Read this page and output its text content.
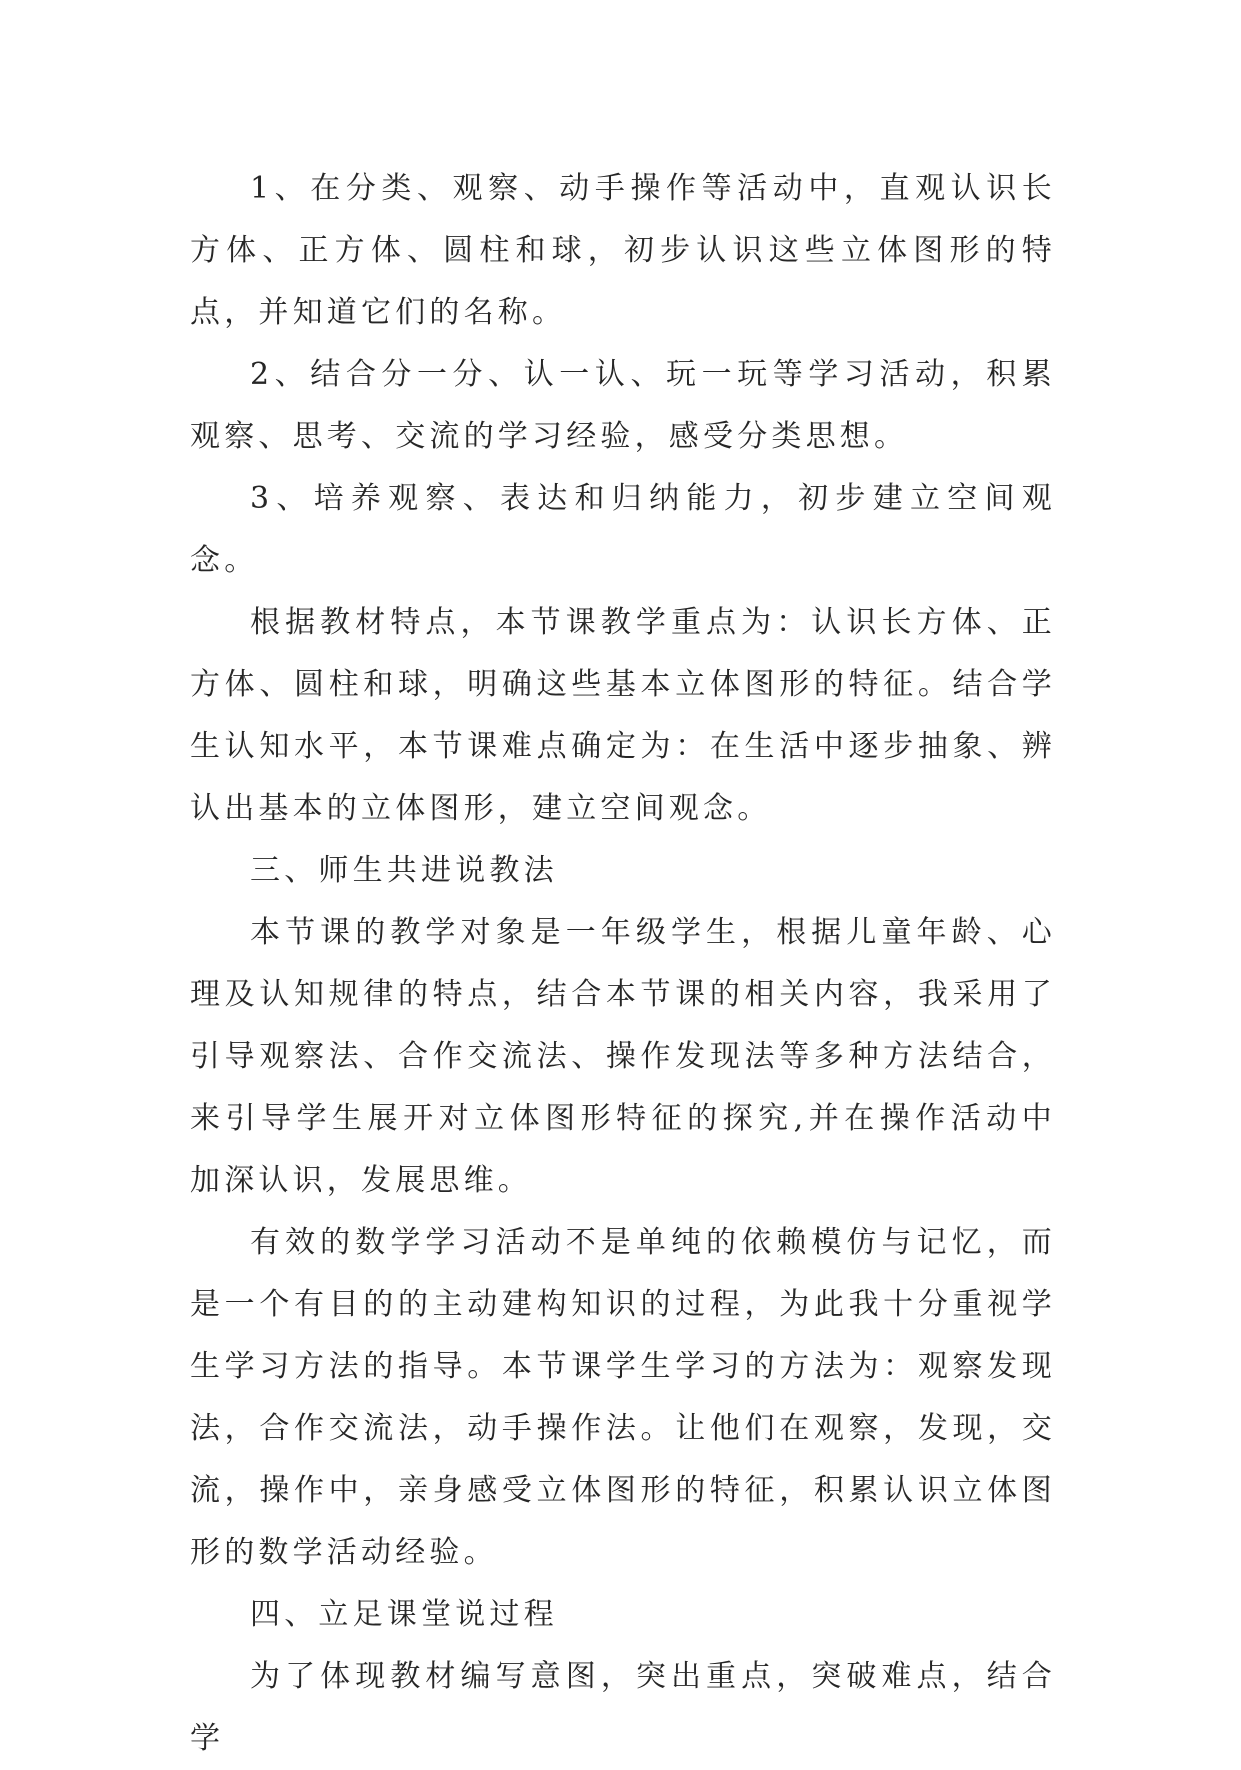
1、在分类、观察、动手操作等活动中，直观认识长方体、正方体、圆柱和球，初步认识这些立体图形的特点，并知道它们的名称。

2、结合分一分、认一认、玩一玩等学习活动，积累观察、思考、交流的学习经验，感受分类思想。

3、培养观察、表达和归纳能力，初步建立空间观念。

根据教材特点，本节课教学重点为：认识长方体、正方体、圆柱和球，明确这些基本立体图形的特征。结合学生认知水平，本节课难点确定为：在生活中逐步抽象、辨认出基本的立体图形，建立空间观念。

三、师生共进说教法

本节课的教学对象是一年级学生，根据儿童年龄、心理及认知规律的特点，结合本节课的相关内容，我采用了引导观察法、合作交流法、操作发现法等多种方法结合，来引导学生展开对立体图形特征的探究,并在操作活动中加深认识，发展思维。

有效的数学学习活动不是单纯的依赖模仿与记忆，而是一个有目的的主动建构知识的过程，为此我十分重视学生学习方法的指导。本节课学生学习的方法为：观察发现法，合作交流法，动手操作法。让他们在观察，发现，交流，操作中，亲身感受立体图形的特征，积累认识立体图形的数学活动经验。

四、立足课堂说过程

为了体现教材编写意图，突出重点，突破难点，结合学
